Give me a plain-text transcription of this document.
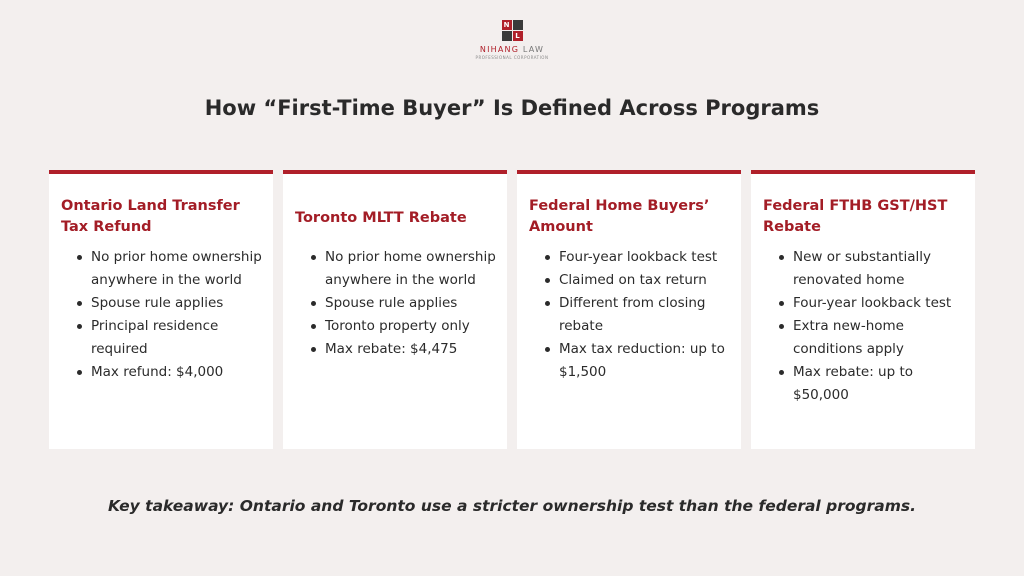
N
L
NIHANG LAW
PROFESSIONAL CORPORATION
How “First-Time Buyer” Is Defined Across Programs
Ontario Land Transfer Tax Refund
No prior home ownership anywhere in the world
Spouse rule applies
Principal residence required
Max refund: $4,000
Toronto MLTT Rebate
No prior home ownership anywhere in the world
Spouse rule applies
Toronto property only
Max rebate: $4,475
Federal Home Buyers’ Amount
Four-year lookback test
Claimed on tax return
Different from closing rebate
Max tax reduction: up to $1,500
Federal FTHB GST/HST Rebate
New or substantially renovated home
Four-year lookback test
Extra new-home conditions apply
Max rebate: up to $50,000

Key takeaway: Ontario and Toronto use a stricter ownership test than the federal programs.
